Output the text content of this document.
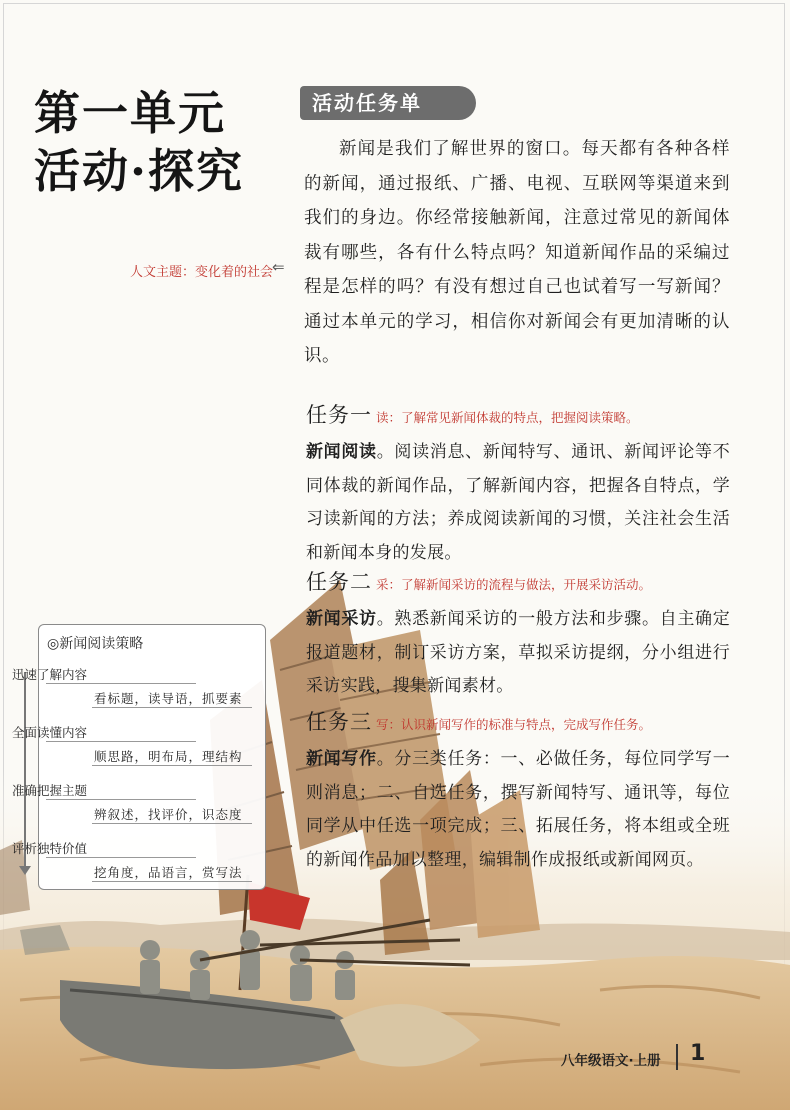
第一单元
活动·探究
人文主题：变化着的社会
⇐
活动任务单

新闻是我们了解世界的窗口。每天都有各种各样的新闻，通过报纸、广播、电视、互联网等渠道来到我们的身边。你经常接触新闻，注意过常见的新闻体裁有哪些，各有什么特点吗？知道新闻作品的采编过程是怎样的吗？有没有想过自己也试着写一写新闻？通过本单元的学习，相信你对新闻会有更加清晰的认识。

任务一 读：了解常见新闻体裁的特点，把握阅读策略。

新闻阅读。阅读消息、新闻特写、通讯、新闻评论等不同体裁的新闻作品，了解新闻内容，把握各自特点，学习读新闻的方法；养成阅读新闻的习惯，关注社会生活和新闻本身的发展。

任务二 采：了解新闻采访的流程与做法，开展采访活动。

新闻采访。熟悉新闻采访的一般方法和步骤。自主确定报道题材，制订采访方案，草拟采访提纲，分小组进行采访实践，搜集新闻素材。

任务三 写：认识新闻写作的标准与特点，完成写作任务。

新闻写作。分三类任务：一、必做任务，每位同学写一则消息；二、自选任务，撰写新闻特写、通讯等，每位同学从中任选一项完成；三、拓展任务，将本组或全班的新闻作品加以整理，编辑制作成报纸或新闻网页。

◎新闻阅读策略
迅速了解内容
看标题，读导语，抓要素
全面读懂内容
顺思路，明布局，理结构
准确把握主题
辨叙述，找评价，识态度
评析独特价值
挖角度，品语言，赏写法
八年级语文·上册 1
